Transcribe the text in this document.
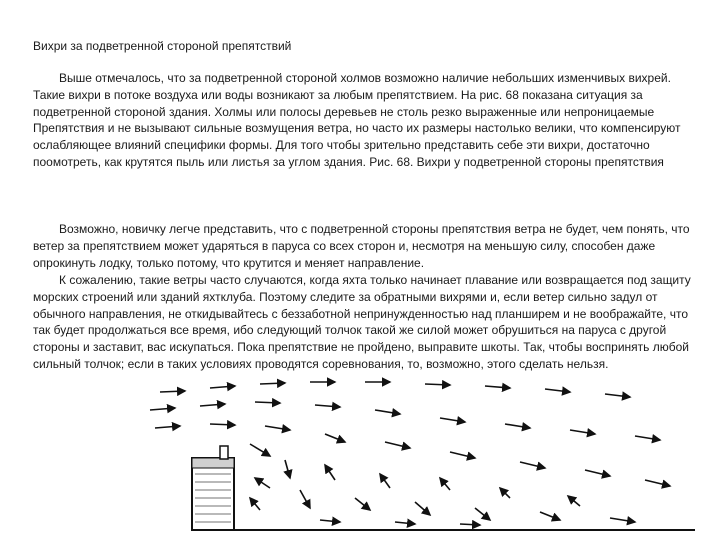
Вихри за подветренной стороной препятствий

Выше отмечалось, что за подветренной стороной холмов возможно наличие небольших изменчивых вихрей. Такие вихри в потоке воздуха или воды возникают за любым препятствием. На рис. 68 показана ситуация за подветренной стороной здания. Холмы или полосы деревьев не столь резко выраженные или непроницаемые Препятствия и не вызывают сильные возмущения ветра, но часто их размеры настолько велики, что компенсируют ослабляющее влияний специфики формы. Для того чтобы зрительно представить себе эти вихри, достаточно поомотреть, как крутятся пыль или листья за углом здания. Рис. 68. Вихри у подветренной стороны препятствия

Возможно, новичку легче представить, что с подветренной стороны препятствия ветра не будет, чем понять, что ветер за препятствием может ударяться в паруса со всех сторон и, несмотря на меньшую силу, способен даже опрокинуть лодку, только потому, что крутится и меняет направление.

К сожалению, такие ветры часто случаются, когда яхта только начинает плавание или возвращается под защиту морских строений или зданий яхтклуба. Поэтому следите за обратными вихрями и, если ветер сильно задул от обычного направления, не откидывайтесь с беззаботной непринужденностью над планширем и не воображайте, что так будет продолжаться все время, ибо следующий толчок такой же силой может обрушиться на паруса с другой стороны и заставит, вас искупаться. Пока препятствие не пройдено, выправите шкоты. Так, чтобы воспринять любой сильный толчок; если в таких условиях проводятся соревнования, то, возможно, этого сделать нельзя.
